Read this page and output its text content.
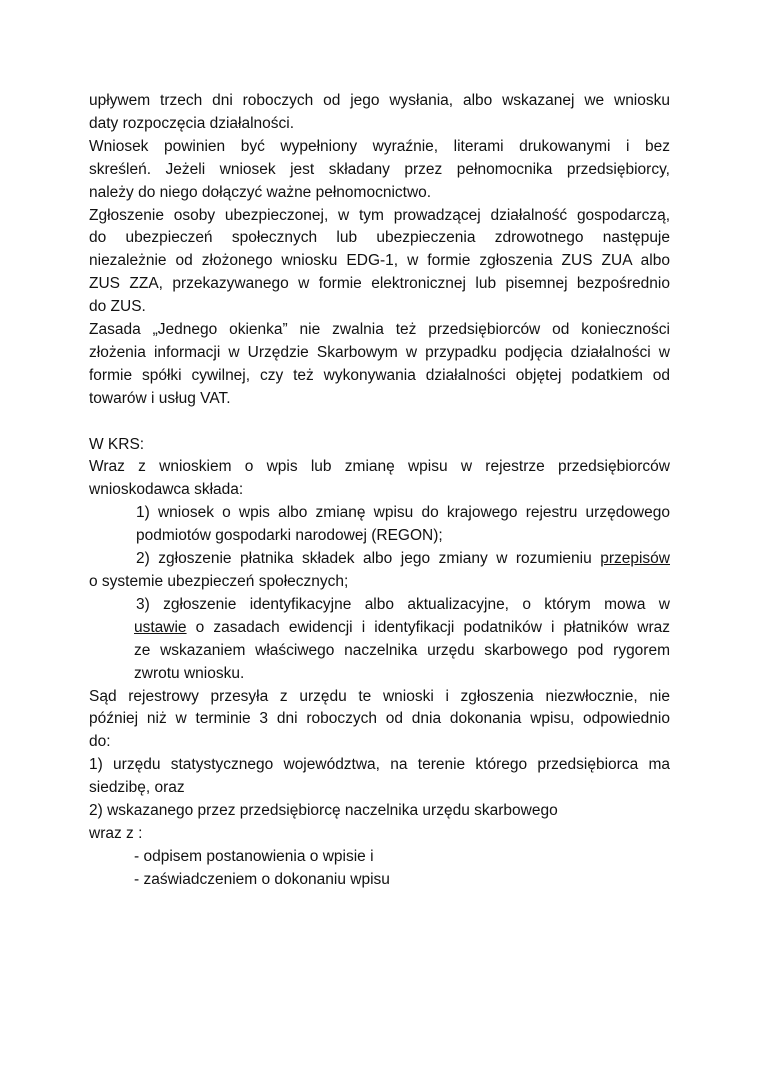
upływem trzech dni roboczych od jego wysłania, albo wskazanej we wniosku
daty rozpoczęcia działalności.

Wniosek powinien być wypełniony wyraźnie, literami drukowanymi i bez
skreśleń. Jeżeli wniosek jest składany przez pełnomocnika przedsiębiorcy,
należy do niego dołączyć ważne pełnomocnictwo.

Zgłoszenie osoby ubezpieczonej, w tym prowadzącej działalność gospodarczą,
do ubezpieczeń społecznych lub ubezpieczenia zdrowotnego następuje
niezależnie od złożonego wniosku EDG-1, w formie zgłoszenia ZUS ZUA albo
ZUS ZZA, przekazywanego w formie elektronicznej lub pisemnej bezpośrednio
do ZUS.

Zasada „Jednego okienka” nie zwalnia też przedsiębiorców od konieczności
złożenia informacji w Urzędzie Skarbowym w przypadku podjęcia działalności w
formie spółki cywilnej, czy też wykonywania działalności objętej podatkiem od
towarów i usług VAT.

W KRS:

Wraz z wnioskiem o wpis lub zmianę wpisu w rejestrze przedsiębiorców
wnioskodawca składa:

1) wniosek o wpis albo zmianę wpisu do krajowego rejestru urzędowego
podmiotów gospodarki narodowej (REGON);
2) zgłoszenie płatnika składek albo jego zmiany w rozumieniu przepisów
o systemie ubezpieczeń społecznych;
3) zgłoszenie identyfikacyjne albo aktualizacyjne, o którym mowa w
ustawie o zasadach ewidencji i identyfikacji podatników i płatników wraz
ze wskazaniem właściwego naczelnika urzędu skarbowego pod rygorem
zwrotu wniosku.

Sąd rejestrowy przesyła z urzędu te wnioski i zgłoszenia niezwłocznie, nie
później niż w terminie 3 dni roboczych od dnia dokonania wpisu, odpowiednio
do:

1) urzędu statystycznego województwa, na terenie którego przedsiębiorca ma
siedzibę, oraz
2) wskazanego przez przedsiębiorcę naczelnika urzędu skarbowego

wraz z :
- odpisem postanowienia o wpisie i
- zaświadczeniem o dokonaniu wpisu
